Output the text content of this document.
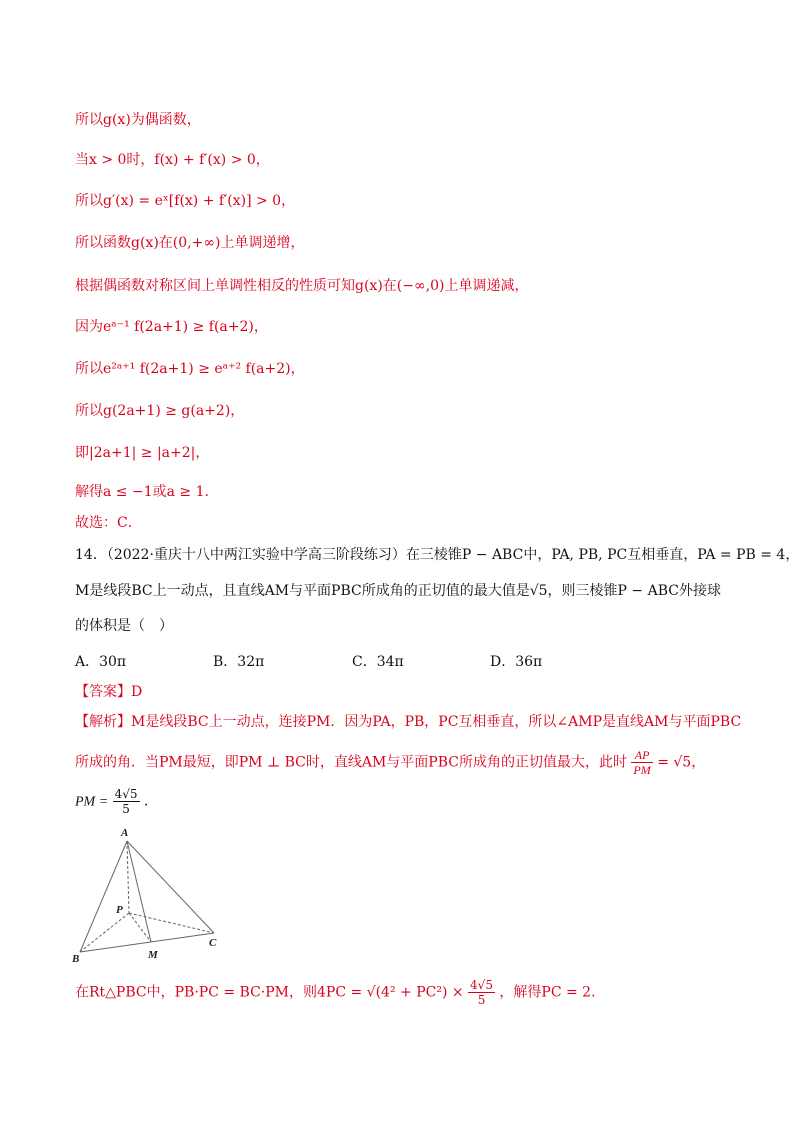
所以g(x)为偶函数，
当x > 0时，f(x) + f′(x) > 0，
所以g′(x) = eˣ[f(x) + f′(x)] > 0，
所以函数g(x)在(0,+∞)上单调递增，
根据偶函数对称区间上单调性相反的性质可知g(x)在(−∞,0)上单调递减，
因为eᵃ⁻¹ f(2a+1) ≥ f(a+2)，
所以e²ᵃ⁺¹ f(2a+1) ≥ eᵃ⁺² f(a+2)，
所以g(2a+1) ≥ g(a+2)，
即|2a+1| ≥ |a+2|，
解得a ≤ −1或a ≥ 1．
故选：C．
14．（2022·重庆十八中两江实验中学高三阶段练习）在三棱锥P − ABC中，PA, PB, PC互相垂直，PA = PB = 4，
M是线段BC上一动点，且直线AM与平面PBC所成角的正切值的最大值是√5，则三棱锥P − ABC外接球
的体积是（　）
A．30π	B．32π	C．34π	D．36π
【答案】D
【解析】M是线段BC上一动点，连接PM．因为PA，PB，PC互相垂直，所以∠AMP是直线AM与平面PBC
所成的角．当PM最短，即PM ⊥ BC时，直线AM与平面PBC所成角的正切值最大，此时 $\frac{AP}{PM} = √5$，
PM = $\frac{4√5}{5}$ ．
A
P
B	M
C
在Rt△PBC中，PB·PC = BC·PM，则$4PC = √(4^2 + PC^2) \times \frac{4√5}{5}$ ，解得PC = 2．
